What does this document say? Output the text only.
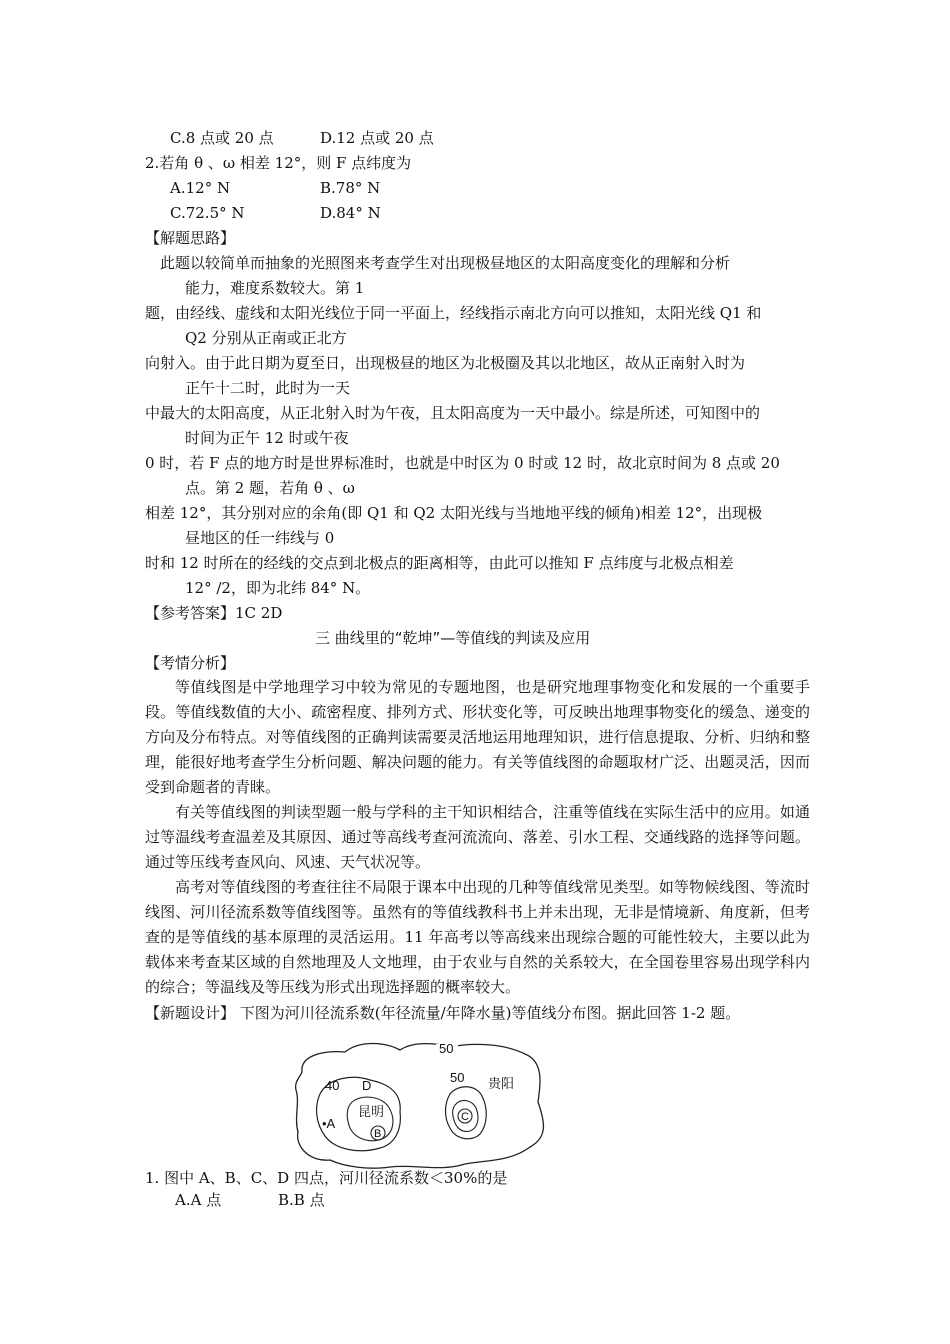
C.8 点或 20 点	D.12 点或 20 点
2.若角 θ 、ω 相差 12°，则 F 点纬度为
A.12° N	B.78° N
C.72.5° N	D.84° N
【解题思路】
此题以较简单而抽象的光照图来考查学生对出现极昼地区的太阳高度变化的理解和分析
能力，难度系数较大。第 1
题，由经线、虚线和太阳光线位于同一平面上，经线指示南北方向可以推知，太阳光线 Q1 和
Q2 分别从正南或正北方
向射入。由于此日期为夏至日，出现极昼的地区为北极圈及其以北地区，故从正南射入时为
正午十二时，此时为一天
中最大的太阳高度，从正北射入时为午夜，且太阳高度为一天中最小。综是所述，可知图中的
时间为正午 12 时或午夜
0 时，若 F 点的地方时是世界标准时，也就是中时区为 0 时或 12 时，故北京时间为 8 点或 20
点。第 2 题，若角 θ 、ω
相差 12°，其分别对应的余角(即 Q1 和 Q2 太阳光线与当地地平线的倾角)相差 12°，出现极
昼地区的任一纬线与 0
时和 12 时所在的经线的交点到北极点的距离相等，由此可以推知 F 点纬度与北极点相差
12° /2，即为北纬 84° N。
【参考答案】1C 2D
三 曲线里的“乾坤”—等值线的判读及应用
【考情分析】
等值线图是中学地理学习中较为常见的专题地图，也是研究地理事物变化和发展的一个重要手段。等值线数值的大小、疏密程度、排列方式、形状变化等，可反映出地理事物变化的缓急、递变的方向及分布特点。对等值线图的正确判读需要灵活地运用地理知识，进行信息提取、分析、归纳和整理，能很好地考查学生分析问题、解决问题的能力。有关等值线图的命题取材广泛、出题灵活，因而受到命题者的青睐。
有关等值线图的判读型题一般与学科的主干知识相结合，注重等值线在实际生活中的应用。如通过等温线考查温差及其原因、通过等高线考查河流流向、落差、引水工程、交通线路的选择等问题。通过等压线考查风向、风速、天气状况等。
高考对等值线图的考查往往不局限于课本中出现的几种等值线常见类型。如等物候线图、等流时线图、河川径流系数等值线图等。虽然有的等值线教科书上并未出现，无非是情境新、角度新，但考查的是等值线的基本原理的灵活运用。11 年高考以等高线来出现综合题的可能性较大，主要以此为载体来考查某区域的自然地理及人文地理，由于农业与自然的关系较大，在全国卷里容易出现学科内的综合；等温线及等压线为形式出现选择题的概率较大。
【新题设计】 下图为河川径流系数(年径流量/年降水量)等值线分布图。据此回答 1-2 题。
50
50
40 D
昆明
•A
B
C
贵阳
1. 图中 A、B、C、D 四点，河川径流系数＜30%的是
A.A 点	B.B 点
